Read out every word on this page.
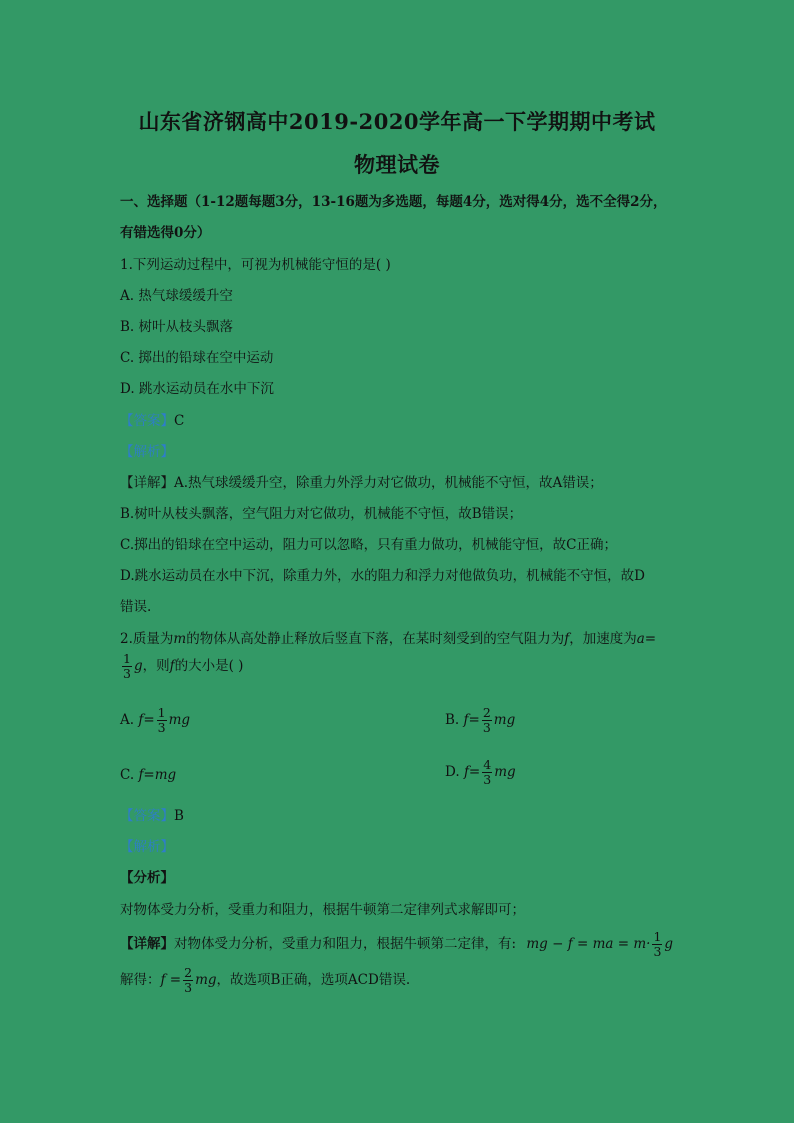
山东省济钢高中2019-2020学年高一下学期期中考试
物理试卷
一、选择题（1-12题每题3分，13-16题为多选题，每题4分，选对得4分，选不全得2分，
有错选得0分）
1.下列运动过程中，可视为机械能守恒的是( )
A. 热气球缓缓升空
B. 树叶从枝头飘落
C. 掷出的铅球在空中运动
D. 跳水运动员在水中下沉
【答案】C
【解析】
【详解】A.热气球缓缓升空，除重力外浮力对它做功，机械能不守恒，故A错误；
B.树叶从枝头飘落，空气阻力对它做功，机械能不守恒，故B错误；
C.掷出的铅球在空中运动，阻力可以忽略，只有重力做功，机械能守恒，故C正确；
D.跳水运动员在水中下沉，除重力外，水的阻力和浮力对他做负功，机械能不守恒，故D
错误.
2.质量为m的物体从高处静止释放后竖直下落，在某时刻受到的空气阻力为f，加速度为a=
$\frac{1}{3}$ g，则f的大小是( )
A. $f= \frac{1}{3}$ mg	B. $f= \frac{2}{3}$ mg
C. f=mg	D. $f= \frac{4}{3}$ mg
【答案】B
【解析】
【分析】
对物体受力分析，受重力和阻力，根据牛顿第二定律列式求解即可；
【详解】对物体受力分析，受重力和阻力，根据牛顿第二定律，有: mg − f = ma = $m\cdot \frac{1}{3}$ g
解得：$f = \frac{2}{3}$ mg，故选项B正确，选项ACD错误.
